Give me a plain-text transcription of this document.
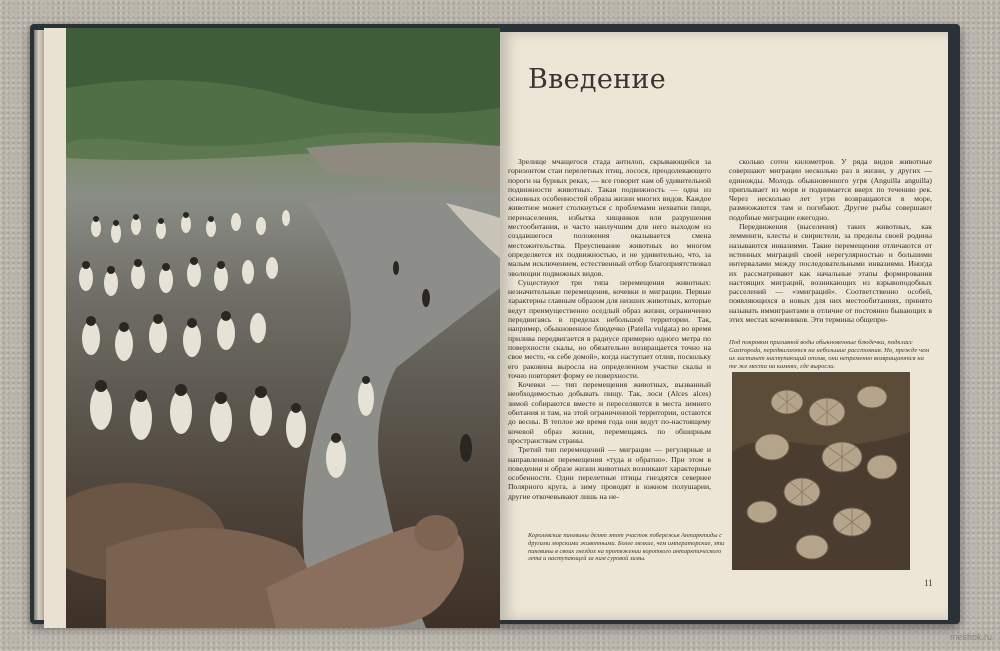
Введение

Зрелище мчащегося стада антилоп, скрывающейся за горизонтом стаи перелетных птиц, лосося, преодолевающего пороги на бурных реках, — все говорит нам об удивительной подвижности животных. Такая подвижность — одна из основных особенностей образа жизни многих видов. Каждое животное может столкнуться с проблемами нехватки пищи, перенаселения, избытка хищников или разрушения местообитания, и часто наилучшим для него выходом из создавшегося положения оказывается смена местожительства. Преуспевание животных во многом определяется их подвижностью, и не удивительно, что, за малым исключением, естественный отбор благоприятствовал эволюции подвижных видов.

Существуют три типа перемещения животных: незначительные перемещения, кочевки и миграции. Первые характерны главным образом для низших животных, которые ведут преимущественно оседлый образ жизни, ограниченно передвигаясь в пределах небольшой территории. Так, например, обыкновенное блюдечко (Patella vulgata) во время прилива передвигается в радиусе примерно одного метра по поверхности скалы, но обязательно возвращается точно на свое место, «к себе домой», когда наступает отлив, поскольку его раковина выросла на определенном участке скалы и точно повторяет форму ее поверхности.

Кочевки — тип перемещения животных, вызванный необходимостью добывать пищу. Так, лоси (Alces alces) зимой собираются вместе и переселяются в места зимнего обитания и там, на этой ограниченной территории, остаются до весны. В теплое же время года они ведут по-настоящему кочевой образ жизни, перемещаясь по обширным пространствам страны.

Третий тип перемещений — миграции — регулярные и направленные перемещения «туда и обратно». При этом в поведении и образе жизни животных возникают характерные особенности. Одни перелетные птицы гнездятся севернее Полярного круга, а зиму проводят в южном полушарии, другие откочевывают лишь на не-

сколько сотен километров. У ряда видов животные совершают миграции несколько раз в жизни, у других — единожды. Молодь обыкновенного угря (Anguilla anguilla) приплывает из моря и поднимается вверх по течению рек. Через несколько лет угри возвращаются в море, размножаются там и погибают. Другие рыбы совершают подобные миграции ежегодно.

Передвижения (выселения) таких животных, как лемминги, клесты и свиристели, за пределы своей родины называются инвазиями. Такие перемещения отличаются от истинных миграций своей нерегулярностью и большими интервалами между последовательными инвазиями. Иногда их рассматривают как начальные этапы формирования настоящих миграций, возникающих из взрывоподобных расселений — «эмиграций». Соответственно особей, появляющихся в новых для них местообитаниях, принято называть иммигрантами в отличие от постоянно бывающих в этих местах кочевников. Эти термины общепри-

Под покровом приливной воды обыкновенные блюдечки, подкласс Gastropoda, передвигаются на небольшие расстояния. Но, прежде чем их застанет наступающий отлив, они непременно возвращаются на те же места на камнях, где выросли.
Королевские пингвины делят этот участок побережья Антарктиды с другими морскими животными. Более мелкие, чем императорские, эти пингвины в своих гнездах на протяжении короткого антарктического лета и наступающей за ним суровой зимы.
11
meshok.ru
